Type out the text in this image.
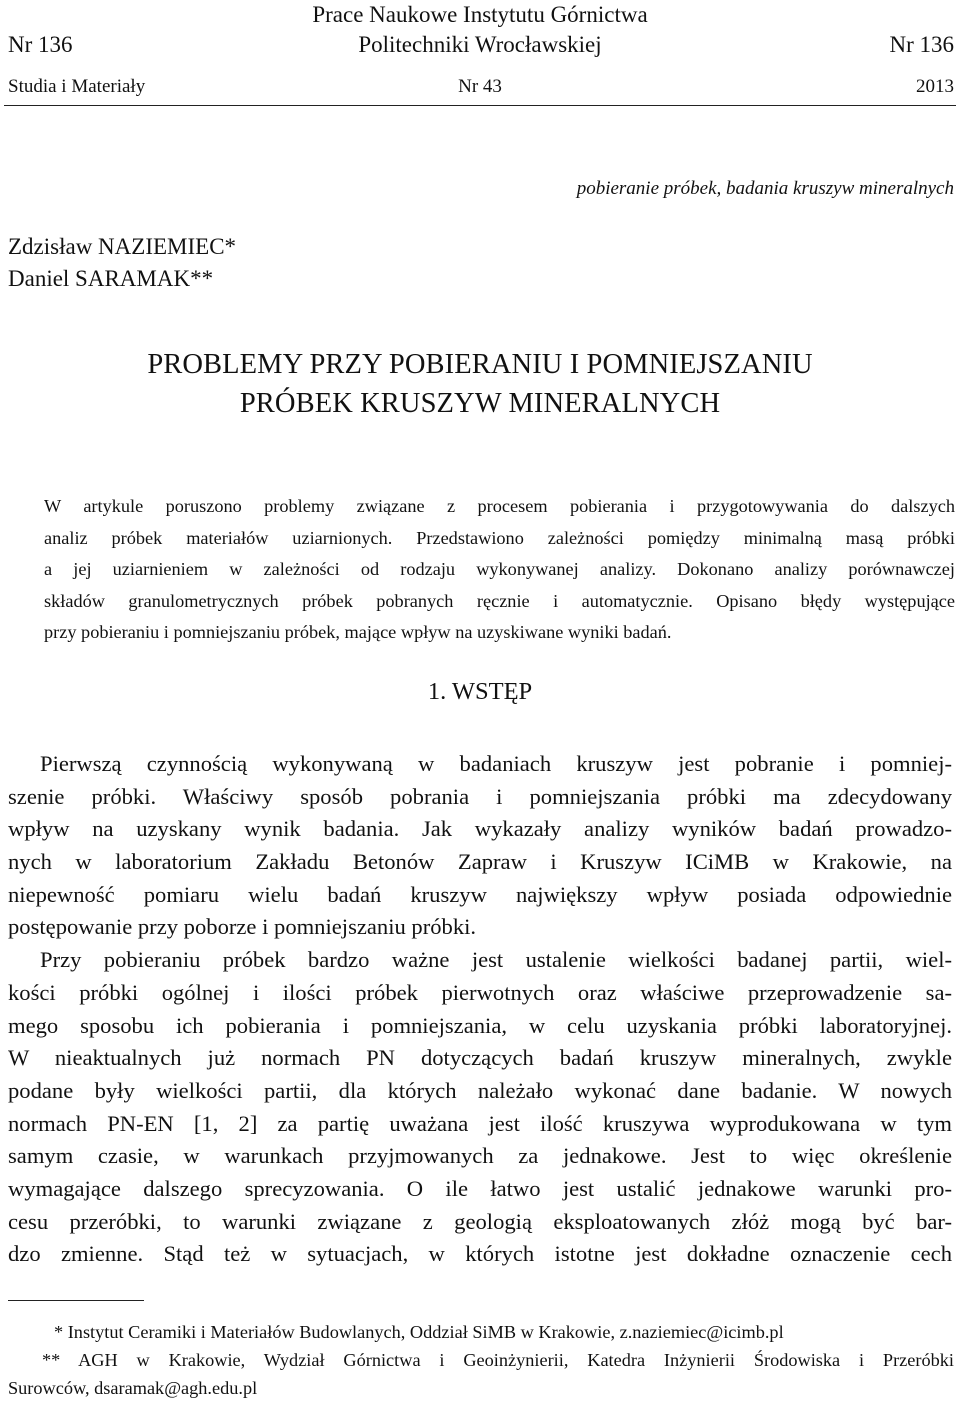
Prace Naukowe Instytutu Górnictwa
Nr 136	Politechniki Wrocławskiej	Nr 136
Studia i Materiały	Nr 43	2013
pobieranie próbek, badania kruszyw mineralnych
Zdzisław NAZIEMIEC*
Daniel SARAMAK**
PROBLEMY PRZY POBIERANIU I POMNIEJSZANIU
PRÓBEK KRUSZYW MINERALNYCH
W artykule poruszono problemy związane z procesem pobierania i przygotowywania do dalszych
analiz próbek materiałów uziarnionych. Przedstawiono zależności pomiędzy minimalną masą próbki
a jej uziarnieniem w zależności od rodzaju wykonywanej analizy. Dokonano analizy porównawczej
składów granulometrycznych próbek pobranych ręcznie i automatycznie. Opisano błędy występujące
przy pobieraniu i pomniejszaniu próbek, mające wpływ na uzyskiwane wyniki badań.
1. WSTĘP
Pierwszą czynnością wykonywaną w badaniach kruszyw jest pobranie i pomniej-
szenie próbki. Właściwy sposób pobrania i pomniejszania próbki ma zdecydowany
wpływ na uzyskany wynik badania. Jak wykazały analizy wyników badań prowadzo-
nych w laboratorium Zakładu Betonów Zapraw i Kruszyw ICiMB w Krakowie, na
niepewność pomiaru wielu badań kruszyw największy wpływ posiada odpowiednie
postępowanie przy poborze i pomniejszaniu próbki.
Przy pobieraniu próbek bardzo ważne jest ustalenie wielkości badanej partii, wiel-
kości próbki ogólnej i ilości próbek pierwotnych oraz właściwe przeprowadzenie sa-
mego sposobu ich pobierania i pomniejszania, w celu uzyskania próbki laboratoryjnej.
W nieaktualnych już normach PN dotyczących badań kruszyw mineralnych, zwykle
podane były wielkości partii, dla których należało wykonać dane badanie. W nowych
normach PN-EN [1, 2] za partię uważana jest ilość kruszywa wyprodukowana w tym
samym czasie, w warunkach przyjmowanych za jednakowe. Jest to więc określenie
wymagające dalszego sprecyzowania. O ile łatwo jest ustalić jednakowe warunki pro-
cesu przeróbki, to warunki związane z geologią eksploatowanych złóż mogą być bar-
dzo zmienne. Stąd też w sytuacjach, w których istotne jest dokładne oznaczenie cech
* Instytut Ceramiki i Materiałów Budowlanych, Oddział SiMB w Krakowie, z.naziemiec@icimb.pl
** AGH w Krakowie, Wydział Górnictwa i Geoinżynierii, Katedra Inżynierii Środowiska i Przeróbki
Surowców, dsaramak@agh.edu.pl
